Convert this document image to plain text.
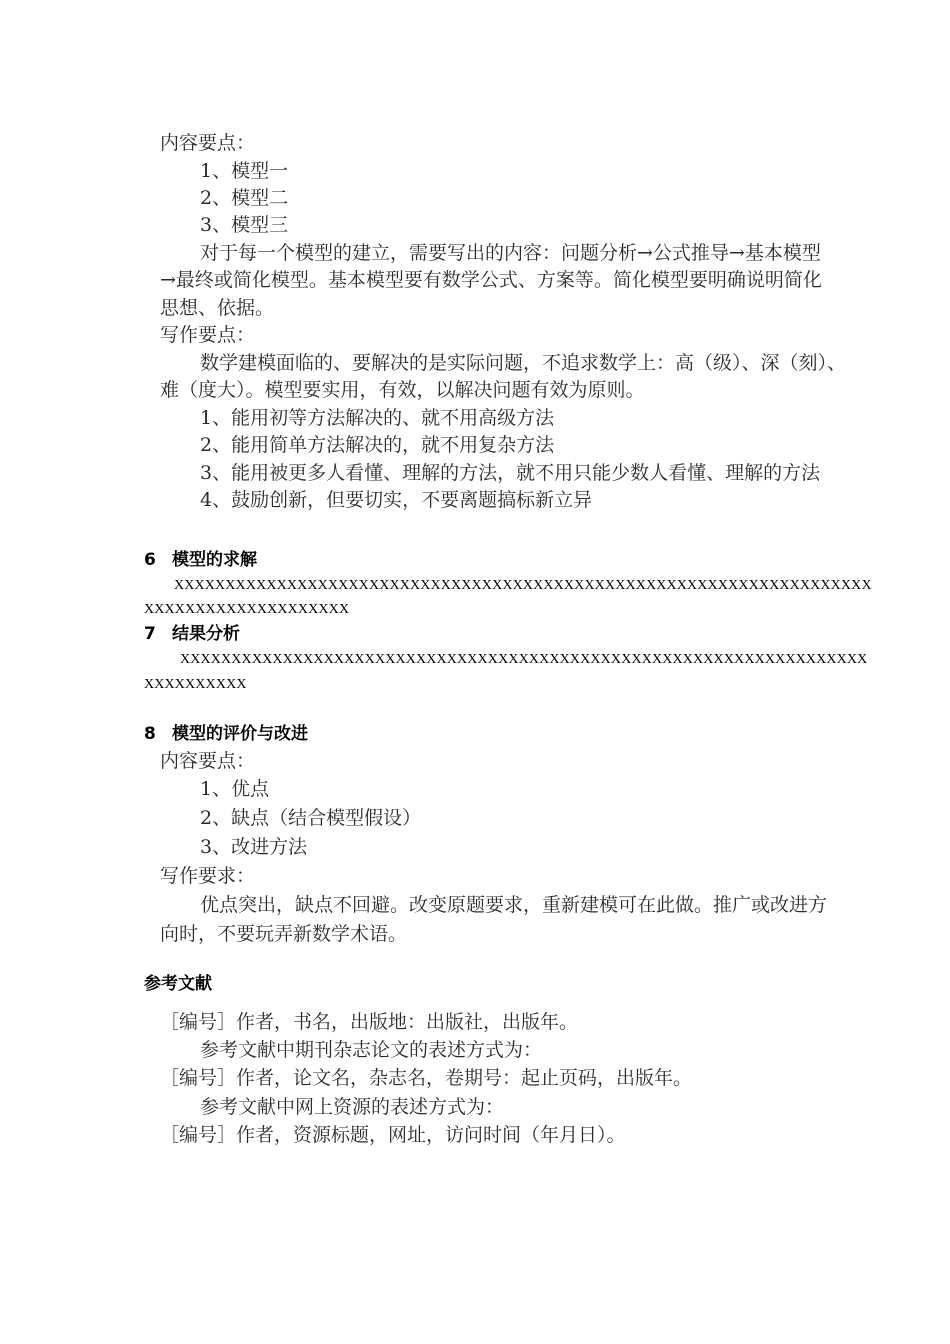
内容要点：
1、模型一
2、模型二
3、模型三
对于每一个模型的建立，需要写出的内容：问题分析→公式推导→基本模型
→最终或简化模型。基本模型要有数学公式、方案等。简化模型要明确说明简化
思想、依据。
写作要点：
数学建模面临的、要解决的是实际问题，不追求数学上：高（级）、深（刻）、
难（度大）。模型要实用，有效，以解决问题有效为原则。
1、能用初等方法解决的、就不用高级方法
2、能用简单方法解决的，就不用复杂方法
3、能用被更多人看懂、理解的方法，就不用只能少数人看懂、理解的方法
4、鼓励创新，但要切实，不要离题搞标新立异
6 模型的求解
XXXXXXXXXXXXXXXXXXXXXXXXXXXXXXXXXXXXXXXXXXXXXXXXXXXXXXXXXXXXXXXXXXXX
XXXXXXXXXXXXXXXXXXXX
7 结果分析
XXXXXXXXXXXXXXXXXXXXXXXXXXXXXXXXXXXXXXXXXXXXXXXXXXXXXXXXXXXXXXXXXXX
XXXXXXXXXX
8 模型的评价与改进
内容要点：
1、优点
2、缺点（结合模型假设）
3、改进方法
写作要求：
优点突出，缺点不回避。改变原题要求，重新建模可在此做。推广或改进方
向时，不要玩弄新数学术语。
参考文献
［编号］作者，书名，出版地：出版社，出版年。
参考文献中期刊杂志论文的表述方式为：
［编号］作者，论文名，杂志名，卷期号：起止页码，出版年。
参考文献中网上资源的表述方式为：
［编号］作者，资源标题，网址，访问时间（年月日）。
